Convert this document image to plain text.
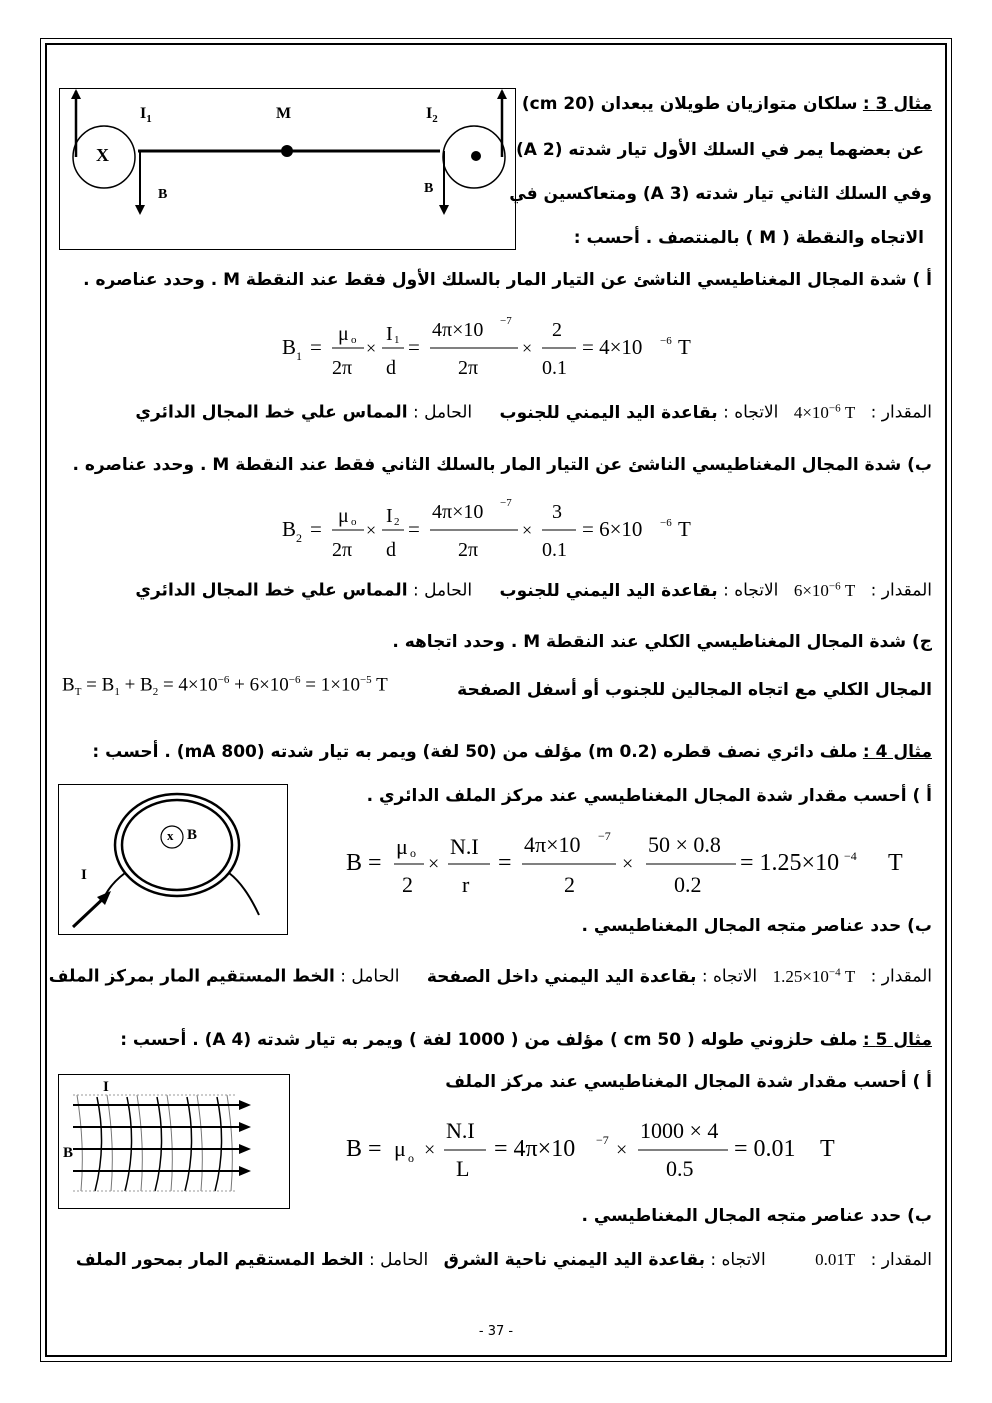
$I_1$	M	$I_2$
X
B	B
مثال 3 : سلكان متوازيان طويلان يبعدان (20 cm)
عن بعضهما يمر في السلك الأول تيار شدته (2 A)
وفي السلك الثاني تيار شدته (3 A) ومتعاكسين في
الاتجاه والنقطة ( M ) بالمنتصف . أحسب :
أ ) شدة المجال المغناطيسي الناشئ عن التيار المار بالسلك الأول فقط عند النقطة M . وحدد عناصره .
B 1 =
μ o
2π
×
I 1
d
=
4π×10 −7
2π
×
2
0.1
= 4×10 −6 T
المقدار : $4\times 10^{-6}$ T الاتجاه : بقاعدة اليد اليمني للجنوب الحامل : المماس علي خط المجال الدائري
ب) شدة المجال المغناطيسي الناشئ عن التيار المار بالسلك الثاني فقط عند النقطة M . وحدد عناصره .
B 2 =
μ o
2π
×
I 2
d
=
4π×10 −7
2π
×
3
0.1
= 6×10 −6 T
المقدار : $6\times 10^{-6}$ T الاتجاه : بقاعدة اليد اليمني للجنوب الحامل : المماس علي خط المجال الدائري
ج) شدة المجال المغناطيسي الكلي عند النقطة M . وحدد اتجاهه .
$B_T = B_1 + B_2 = 4\times 10^{-6} + 6\times 10^{-6} = 1\times 10^{-5}$ T	المجال الكلي مع اتجاه المجالين للجنوب أو أسفل الصفحة
مثال 4 : ملف دائري نصف قطره (0.2 m) مؤلف من (50 لفة) ويمر به تيار شدته (800 mA) . أحسب :
أ ) أحسب مقدار شدة المجال المغناطيسي عند مركز الملف الدائري .
x B
I	B =
μ o
2
×
N.I
r
=
4π×10 −7
2
×
50 × 0.8
0.2
= 1.25×10 −4 T
ب) حدد عناصر متجه المجال المغناطيسي .
المقدار : $1.25\times 10^{-4}$ T الاتجاه : بقاعدة اليد اليمني داخل الصفحة الحامل : الخط المستقيم المار بمركز الملف
مثال 5 : ملف حلزوني طوله ( 50 cm ) مؤلف من ( 1000 لفة ) ويمر به تيار شدته (4 A) . أحسب :
أ ) أحسب مقدار شدة المجال المغناطيسي عند مركز الملف
I
B	B = μ o ×
N.I
L
= 4π×10 −7 ×
1000 × 4
0.5
= 0.01 T
ب) حدد عناصر متجه المجال المغناطيسي .
المقدار : 0.01T الاتجاه : بقاعدة اليد اليمني ناحية الشرق الحامل : الخط المستقيم المار بمحور الملف
- 37 -
